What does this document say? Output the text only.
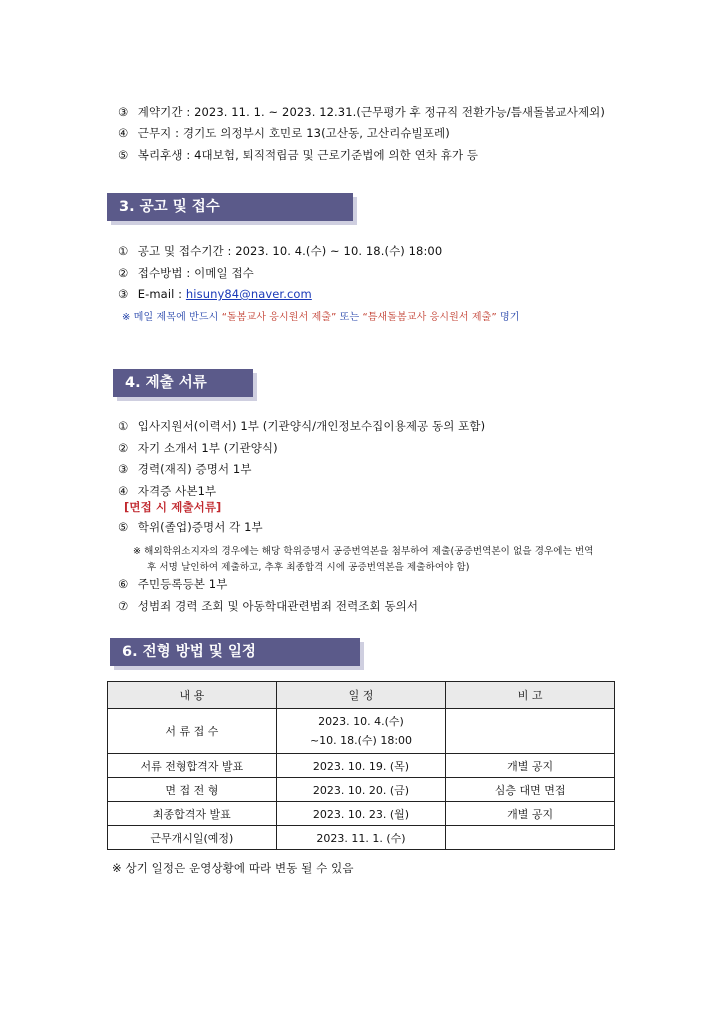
③ 계약기간 : 2023. 11. 1. ~ 2023. 12.31.(근무평가 후 정규직 전환가능/틈새돌봄교사제외)
④ 근무지 : 경기도 의정부시 호민로 13(고산동, 고산리슈빌포레)
⑤ 복리후생 : 4대보험, 퇴직적립금 및 근로기준법에 의한 연차 휴가 등
3. 공고 및 접수
① 공고 및 접수기간 : 2023. 10. 4.(수) ~ 10. 18.(수) 18:00
② 접수방법 : 이메일 접수
③ E-mail : hisuny84@naver.com
※ 메일 제목에 반드시 “돌봄교사 응시원서 제출” 또는 “틈새돌봄교사 응시원서 제출” 명기
4. 제출 서류
① 입사지원서(이력서) 1부 (기관양식/개인정보수집이용제공 동의 포함)
② 자기 소개서 1부 (기관양식)
③ 경력(재직) 증명서 1부
④ 자격증 사본1부
[면접 시 제출서류]
⑤ 학위(졸업)증명서 각 1부
※ 해외학위소지자의 경우에는 해당 학위증명서 공증번역본을 첨부하여 제출(공증번역본이 없을 경우에는 번역
후 서명 날인하여 제출하고, 추후 최종합격 시에 공증번역본을 제출하여야 함)
⑥ 주민등록등본 1부
⑦ 성범죄 경력 조회 및 아동학대관련범죄 전력조회 동의서
6. 전형 방법 및 일정
내 용	일 정	비 고
서 류 접 수	2023. 10. 4.(수)
~10. 18.(수) 18:00	

서류 전형합격자 발표	2023. 10. 19. (목)	개별 공지
면 접 전 형	2023. 10. 20. (금)	심층 대면 면접
최종합격자 발표	2023. 10. 23. (월)	개별 공지
근무개시일(예정)	2023. 11. 1. (수)	
※ 상기 일정은 운영상황에 따라 변동 될 수 있음
